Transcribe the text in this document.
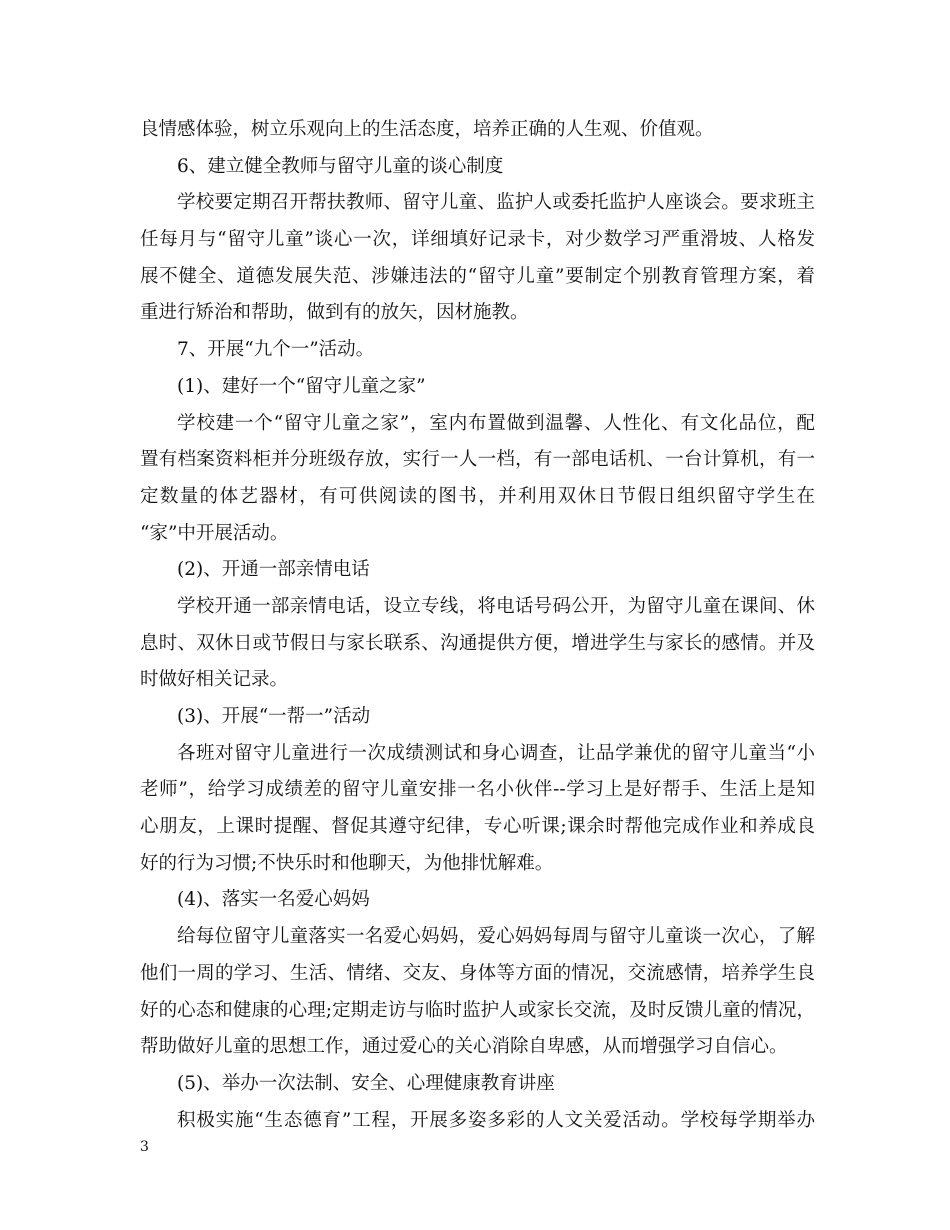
良情感体验，树立乐观向上的生活态度，培养正确的人生观、价值观。
6、建立健全教师与留守儿童的谈心制度
学校要定期召开帮扶教师、留守儿童、监护人或委托监护人座谈会。要求班主
任每月与“留守儿童”谈心一次，详细填好记录卡，对少数学习严重滑坡、人格发
展不健全、道德发展失范、涉嫌违法的“留守儿童”要制定个别教育管理方案，着
重进行矫治和帮助，做到有的放矢，因材施教。
7、开展“九个一”活动。
(1)、建好一个“留守儿童之家”
学校建一个“留守儿童之家”，室内布置做到温馨、人性化、有文化品位，配
置有档案资料柜并分班级存放，实行一人一档，有一部电话机、一台计算机，有一
定数量的体艺器材，有可供阅读的图书，并利用双休日节假日组织留守学生在
“家”中开展活动。
(2)、开通一部亲情电话
学校开通一部亲情电话，设立专线，将电话号码公开，为留守儿童在课间、休
息时、双休日或节假日与家长联系、沟通提供方便，增进学生与家长的感情。并及
时做好相关记录。
(3)、开展“一帮一”活动
各班对留守儿童进行一次成绩测试和身心调查，让品学兼优的留守儿童当“小
老师”，给学习成绩差的留守儿童安排一名小伙伴--学习上是好帮手、生活上是知
心朋友，上课时提醒、督促其遵守纪律，专心听课;课余时帮他完成作业和养成良
好的行为习惯;不快乐时和他聊天，为他排忧解难。
(4)、落实一名爱心妈妈
给每位留守儿童落实一名爱心妈妈，爱心妈妈每周与留守儿童谈一次心，了解
他们一周的学习、生活、情绪、交友、身体等方面的情况，交流感情，培养学生良
好的心态和健康的心理;定期走访与临时监护人或家长交流，及时反馈儿童的情况，
帮助做好儿童的思想工作，通过爱心的关心消除自卑感，从而增强学习自信心。
(5)、举办一次法制、安全、心理健康教育讲座
积极实施“生态德育”工程，开展多姿多彩的人文关爱活动。学校每学期举办
3
